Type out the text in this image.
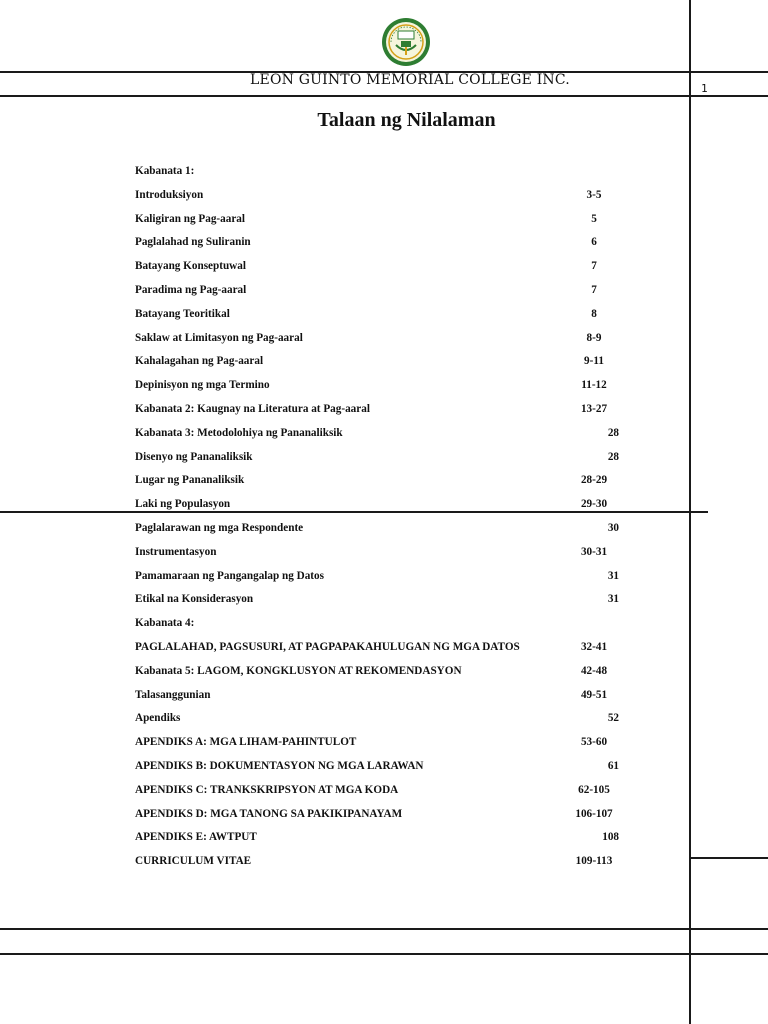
LEON GUINTO MEMORIAL COLLEGE INC.
1
Talaan ng Nilalaman
Kabanata 1:
Introduksiyon	3-5
Kaligiran ng Pag-aaral	5
Paglalahad ng Suliranin	6
Batayang Konseptuwal	7
Paradima ng Pag-aaral	7
Batayang Teoritikal	8
Saklaw at Limitasyon ng Pag-aaral	8-9
Kahalagahan ng Pag-aaral	9-11
Depinisyon ng mga Termino	11-12
Kabanata 2: Kaugnay na Literatura at Pag-aaral	13-27
Kabanata 3: Metodolohiya ng Pananaliksik	28
Disenyo ng Pananaliksik	28
Lugar ng Pananaliksik	28-29
Laki ng Populasyon	29-30
Paglalarawan ng mga Respondente	30
Instrumentasyon	30-31
Pamamaraan ng Pangangalap ng Datos	31
Etikal na Konsiderasyon	31
Kabanata 4:
PAGLALAHAD, PAGSUSURI, AT PAGPAPAKAHULUGAN NG MGA DATOS	32-41
Kabanata 5: LAGOM, KONGKLUSYON AT REKOMENDASYON	42-48
Talasanggunian	49-51
Apendiks	52
APENDIKS A: MGA LIHAM-PAHINTULOT	53-60
APENDIKS B: DOKUMENTASYON NG MGA LARAWAN	61
APENDIKS C: TRANKSKRIPSYON AT MGA KODA	62-105
APENDIKS D: MGA TANONG SA PAKIKIPANAYAM	106-107
APENDIKS E: AWTPUT	108
CURRICULUM VITAE	109-113
